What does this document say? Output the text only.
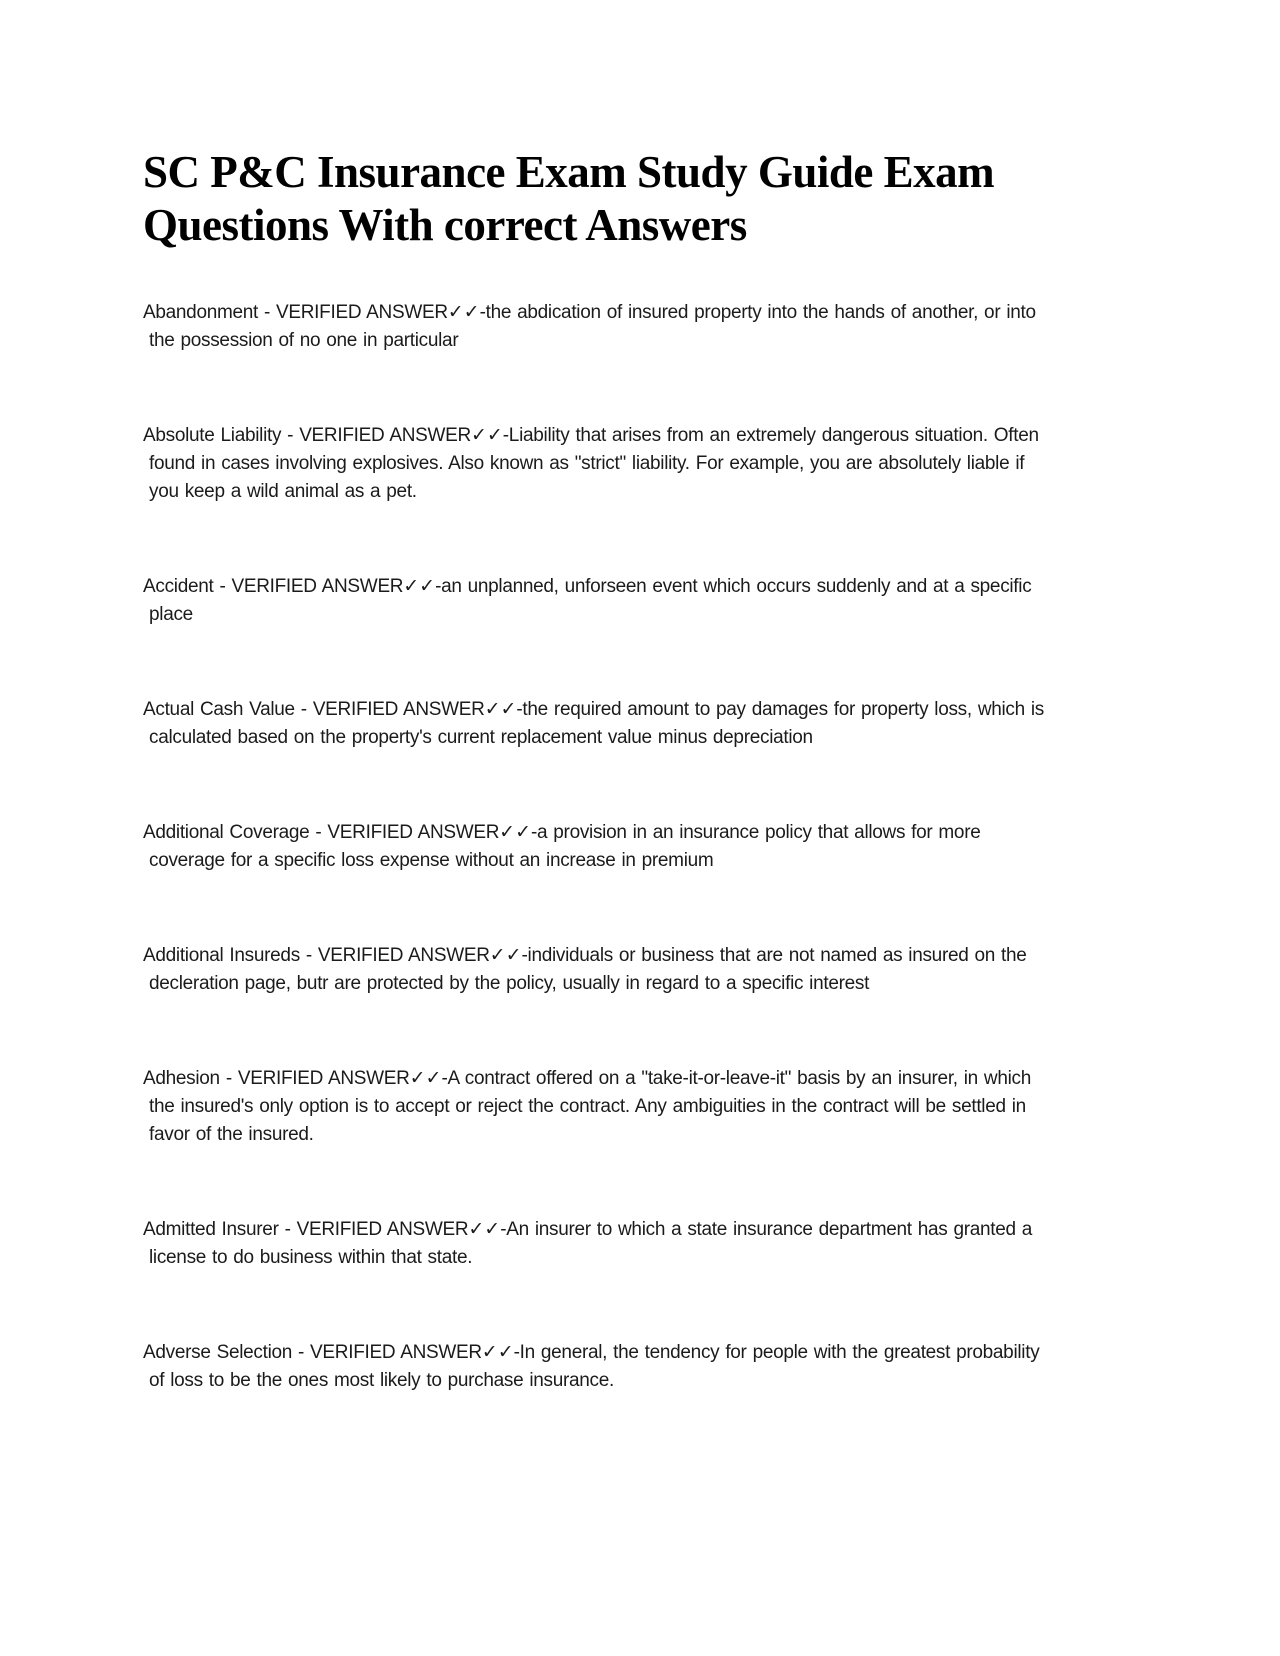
SC P&C Insurance Exam Study Guide Exam Questions With correct Answers

Abandonment - VERIFIED ANSWER✓✓-the abdication of insured property into the hands of another, or into the possession of no one in particular

Absolute Liability - VERIFIED ANSWER✓✓-Liability that arises from an extremely dangerous situation. Often found in cases involving explosives. Also known as "strict" liability. For example, you are absolutely liable if you keep a wild animal as a pet.

Accident - VERIFIED ANSWER✓✓-an unplanned, unforseen event which occurs suddenly and at a specific place

Actual Cash Value - VERIFIED ANSWER✓✓-the required amount to pay damages for property loss, which is calculated based on the property's current replacement value minus depreciation

Additional Coverage - VERIFIED ANSWER✓✓-a provision in an insurance policy that allows for more coverage for a specific loss expense without an increase in premium

Additional Insureds - VERIFIED ANSWER✓✓-individuals or business that are not named as insured on the decleration page, butr are protected by the policy, usually in regard to a specific interest

Adhesion - VERIFIED ANSWER✓✓-A contract offered on a "take-it-or-leave-it" basis by an insurer, in which the insured's only option is to accept or reject the contract. Any ambiguities in the contract will be settled in favor of the insured.

Admitted Insurer - VERIFIED ANSWER✓✓-An insurer to which a state insurance department has granted a license to do business within that state.

Adverse Selection - VERIFIED ANSWER✓✓-In general, the tendency for people with the greatest probability of loss to be the ones most likely to purchase insurance.
